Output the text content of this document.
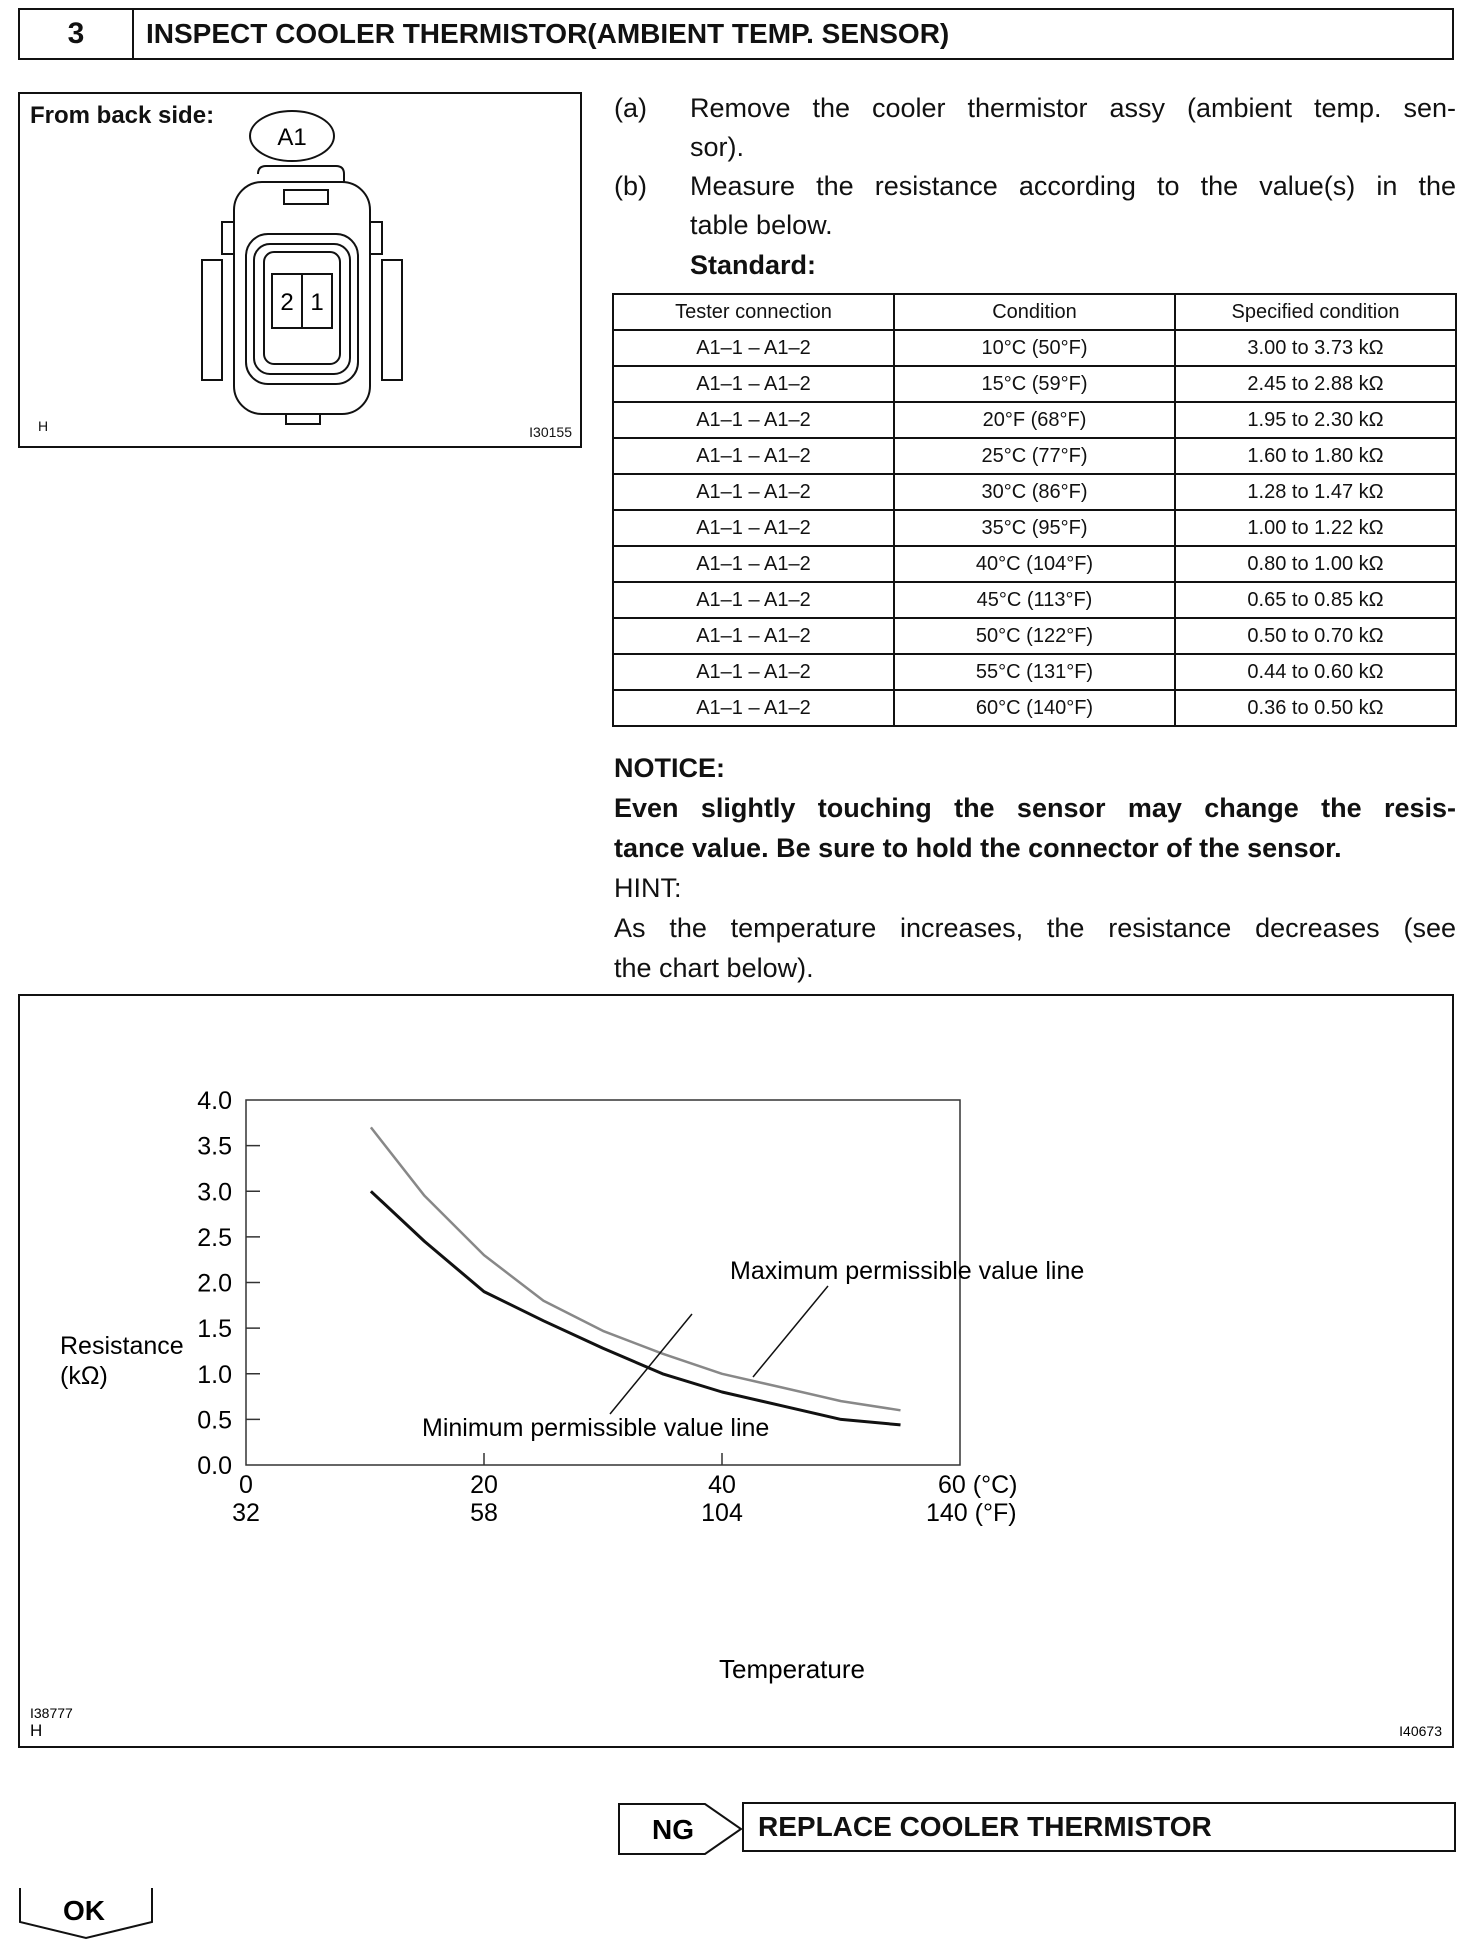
3	INSPECT COOLER THERMISTOR(AMBIENT TEMP. SENSOR)
From back side:
A1
2 1
H	I30155
(a) Remove the cooler thermistor assy (ambient temp. sen-
sor).
(b) Measure the resistance according to the value(s) in the
table below.
Standard:
Tester connection	Condition	Specified condition
A1–1 – A1–2	10°C (50°F)	3.00 to 3.73 kΩ
A1–1 – A1–2	15°C (59°F)	2.45 to 2.88 kΩ
A1–1 – A1–2	20°F (68°F)	1.95 to 2.30 kΩ
A1–1 – A1–2	25°C (77°F)	1.60 to 1.80 kΩ
A1–1 – A1–2	30°C (86°F)	1.28 to 1.47 kΩ
A1–1 – A1–2	35°C (95°F)	1.00 to 1.22 kΩ
A1–1 – A1–2	40°C (104°F)	0.80 to 1.00 kΩ
A1–1 – A1–2	45°C (113°F)	0.65 to 0.85 kΩ
A1–1 – A1–2	50°C (122°F)	0.50 to 0.70 kΩ
A1–1 – A1–2	55°C (131°F)	0.44 to 0.60 kΩ
A1–1 – A1–2	60°C (140°F)	0.36 to 0.50 kΩ
NOTICE:
Even slightly touching the sensor may change the resis-
tance value. Be sure to hold the connector of the sensor.
HINT:
As the temperature increases, the resistance decreases (see
the chart below).
Resistance (kΩ)
Temperature
I38777
H	I40673
0.0
0.5
1.0
1.5
2.0
2.5
3.0
3.5
4.0
0
32
20
58
40
104
60 (°C)
140 (°F)
Maximum permissible value line
Minimum permissible value line
NG REPLACE COOLER THERMISTOR
OK
